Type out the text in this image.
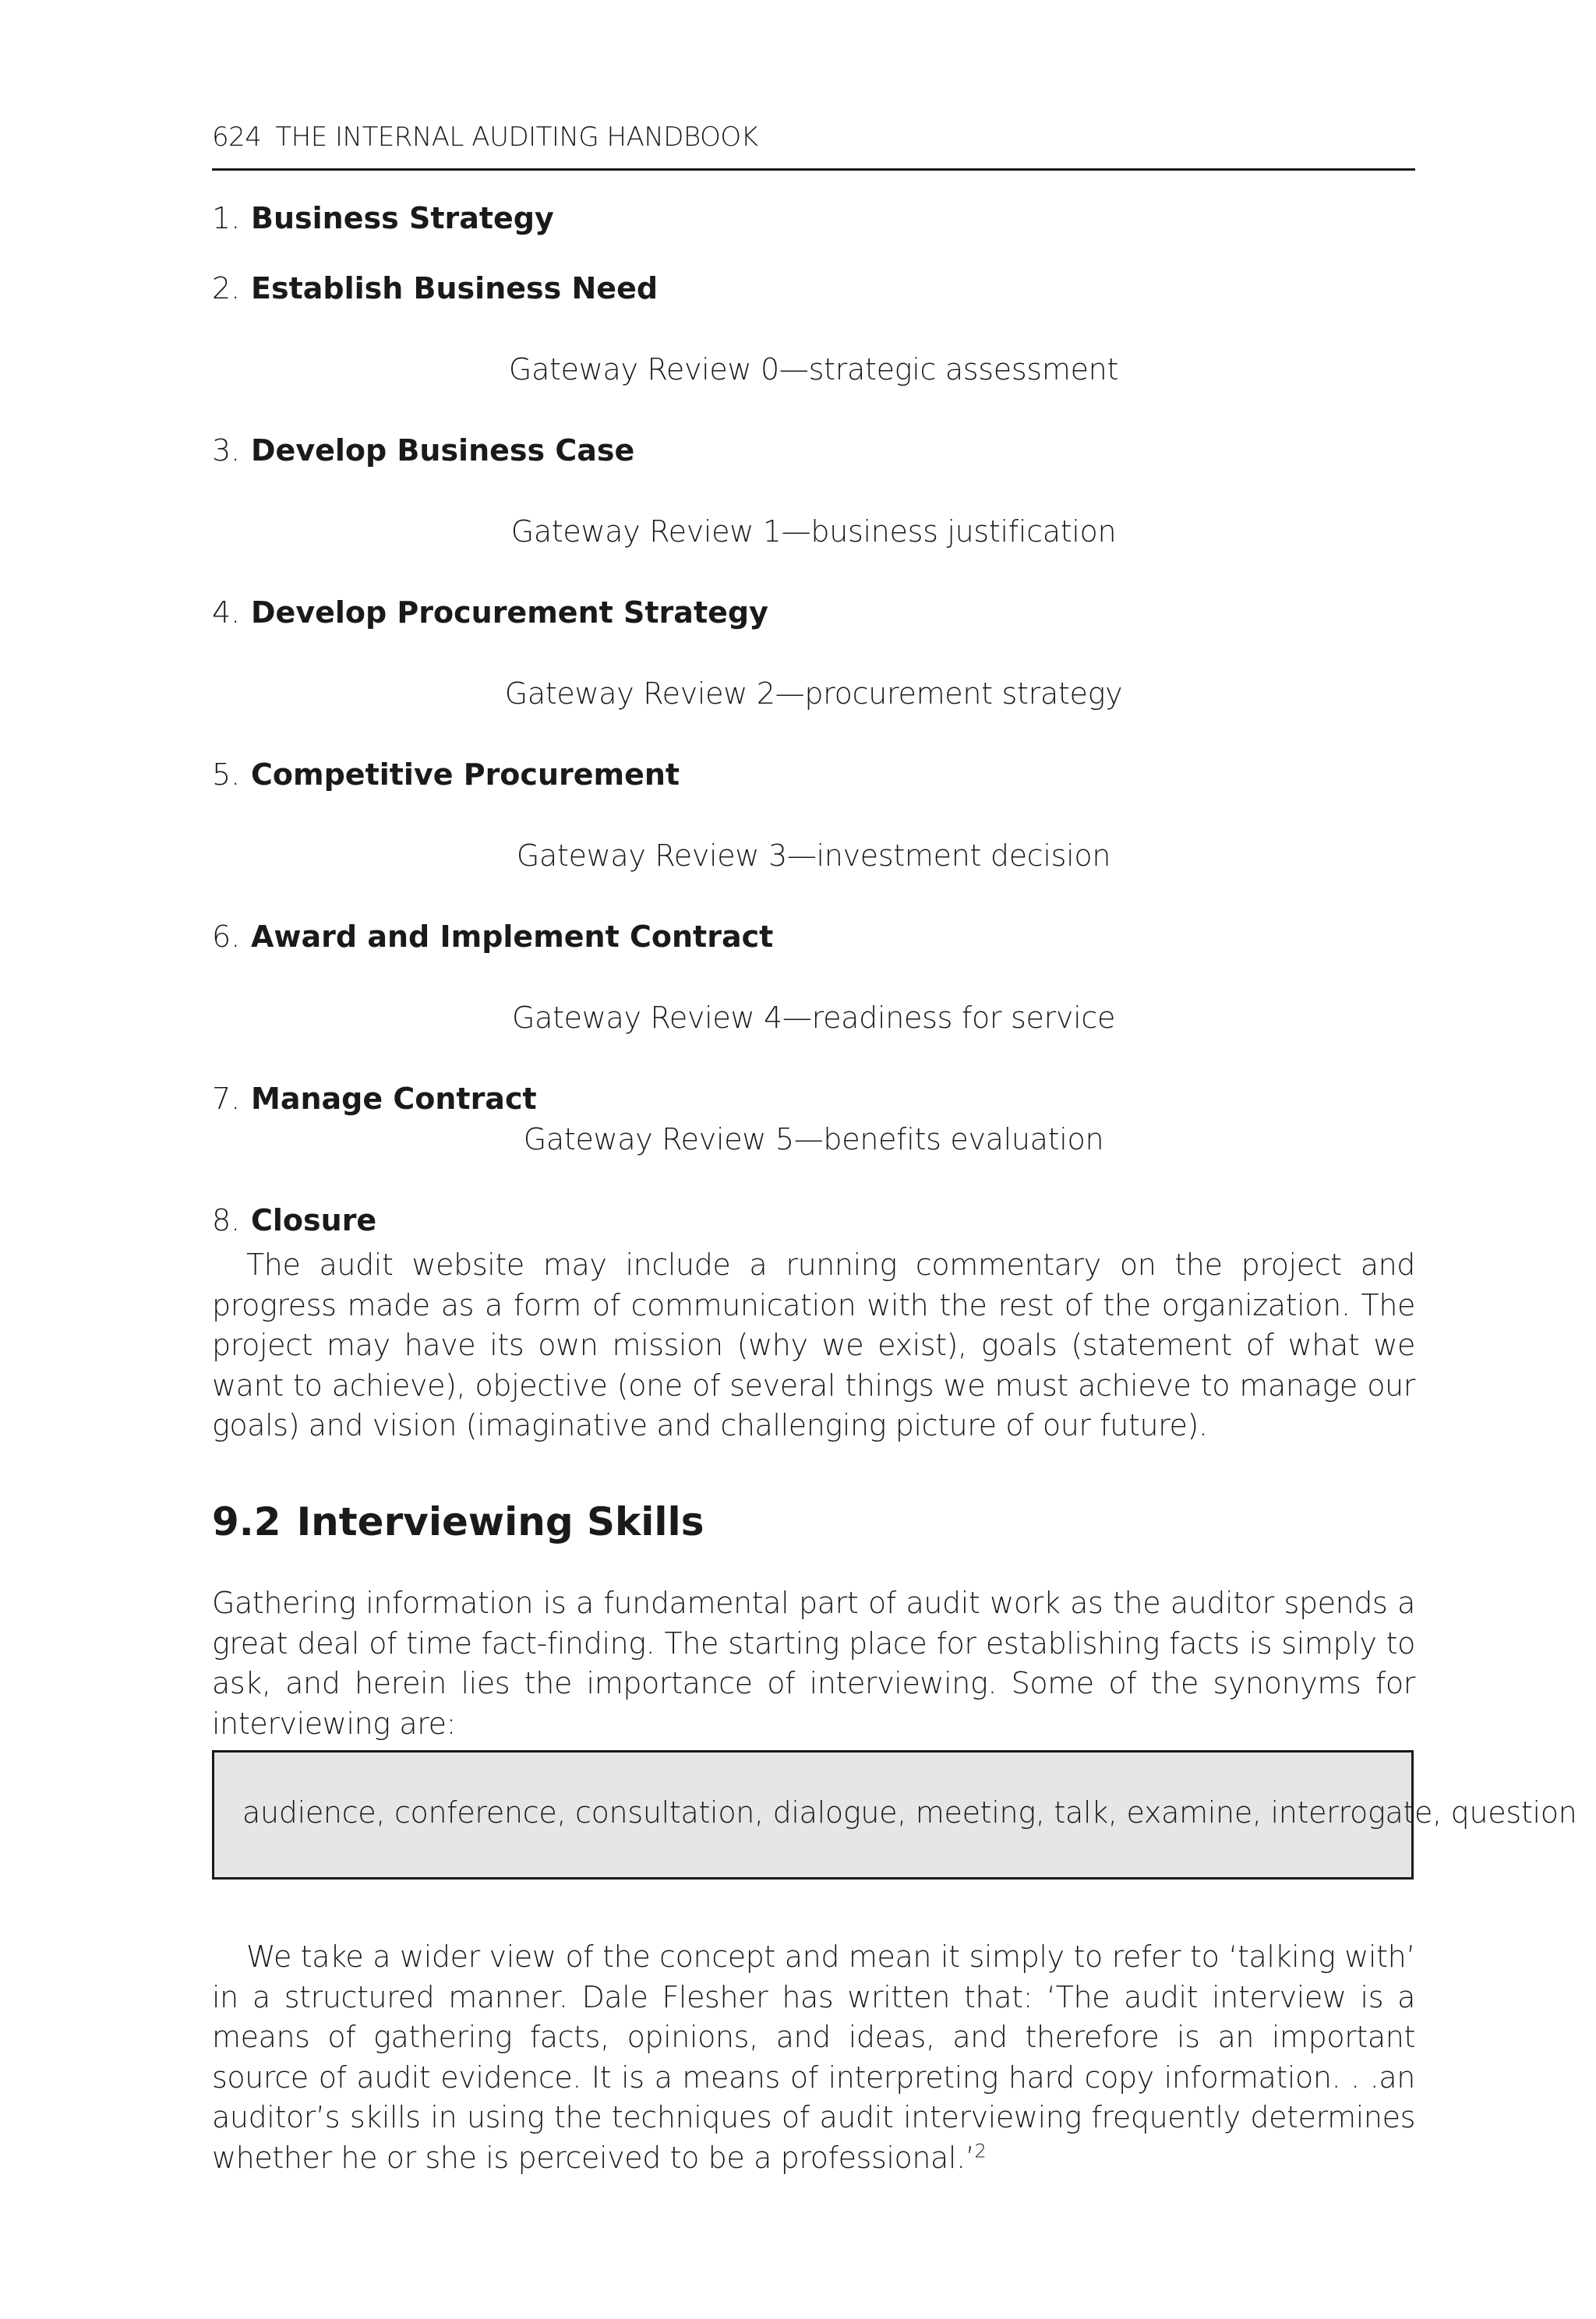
624 THE INTERNAL AUDITING HANDBOOK
1. Business Strategy
2. Establish Business Need
Gateway Review 0—strategic assessment
3. Develop Business Case
Gateway Review 1—business justification
4. Develop Procurement Strategy
Gateway Review 2—procurement strategy
5. Competitive Procurement
Gateway Review 3—investment decision
6. Award and Implement Contract
Gateway Review 4—readiness for service
7. Manage Contract
Gateway Review 5—benefits evaluation
8. Closure

The audit website may include a running commentary on the project and progress made as a form of communication with the rest of the organization. The project may have its own mission (why we exist), goals (statement of what we want to achieve), objective (one of several things we must achieve to manage our goals) and vision (imaginative and challenging picture of our future).

9.2 Interviewing Skills

Gathering information is a fundamental part of audit work as the auditor spends a great deal of time fact-finding. The starting place for establishing facts is simply to ask, and herein lies the importance of interviewing. Some of the synonyms for interviewing are:

audience, conference, consultation, dialogue, meeting, talk, examine, interrogate, question

We take a wider view of the concept and mean it simply to refer to ‘talking with’ in a structured manner. Dale Flesher has written that: ‘The audit interview is a means of gathering facts, opinions, and ideas, and therefore is an important source of audit evidence. It is a means of interpreting hard copy information. . .an auditor’s skills in using the techniques of audit interviewing frequently determines whether he or she is perceived to be a professional.’$^2$
